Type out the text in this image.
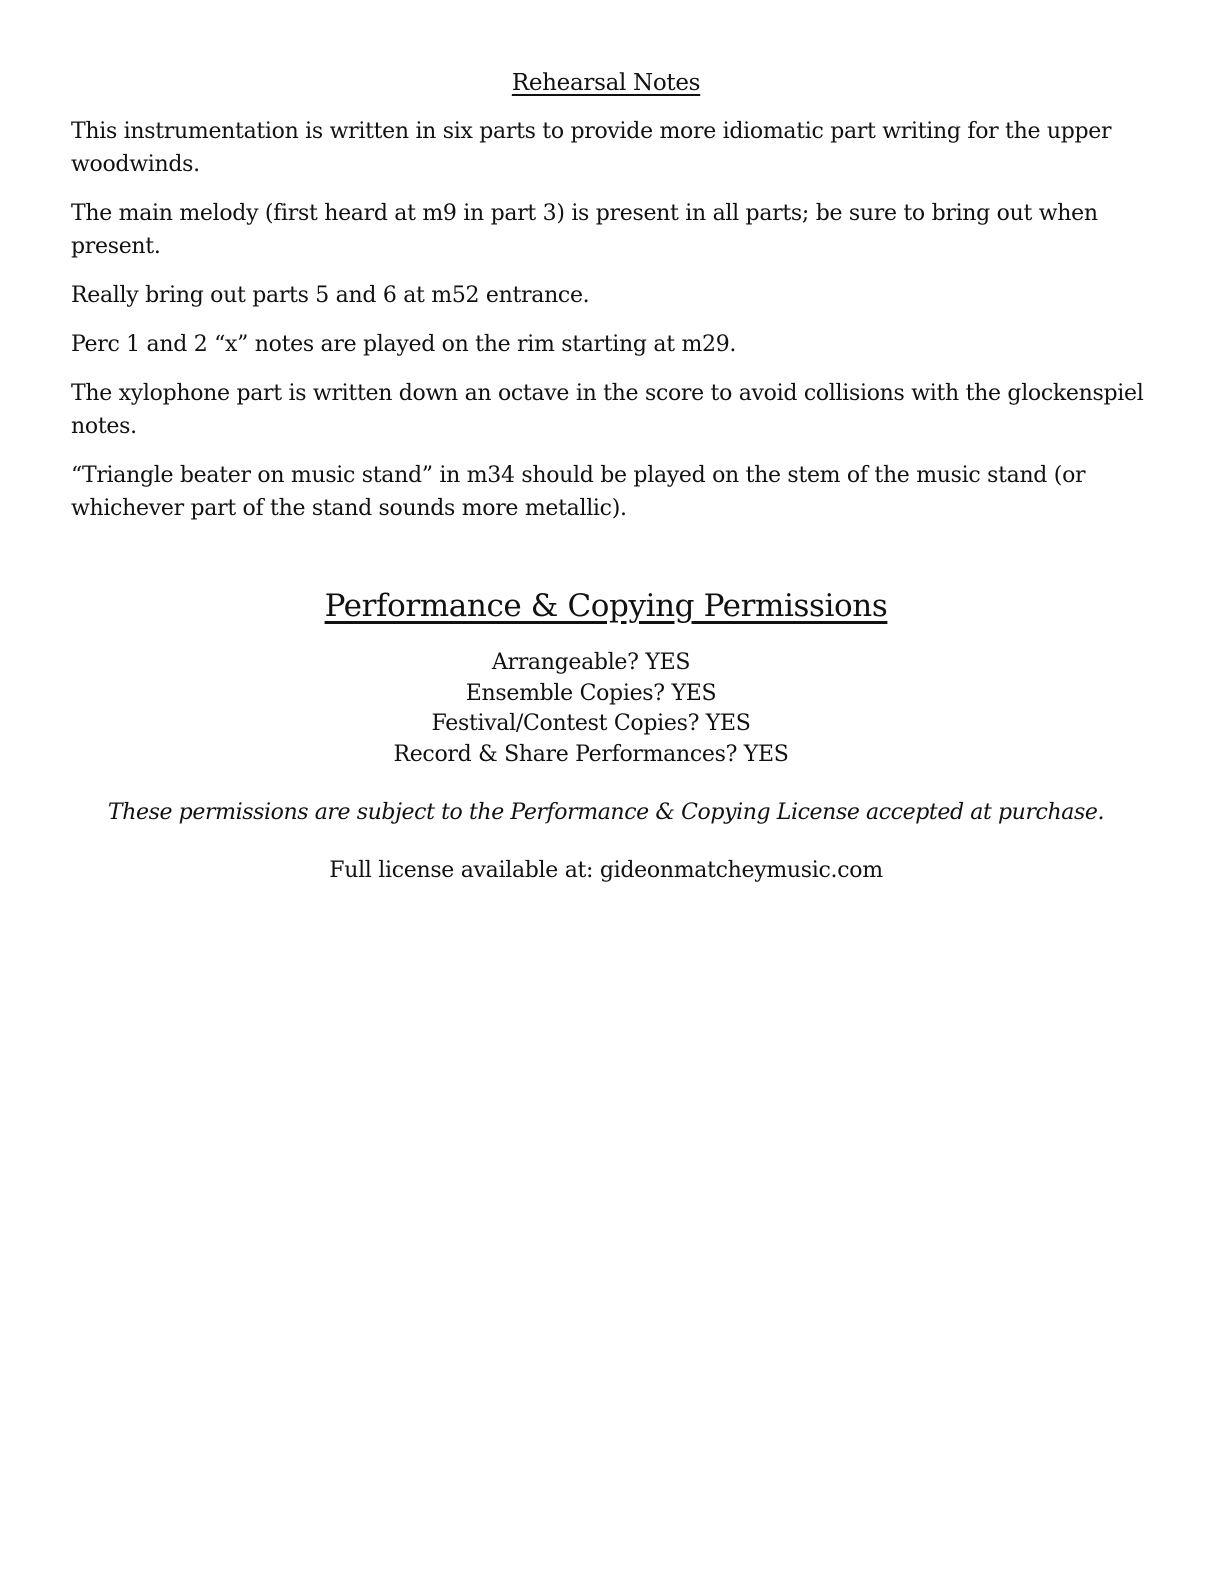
Rehearsal Notes

This instrumentation is written in six parts to provide more idiomatic part writing for the upper woodwinds.

The main melody (first heard at m9 in part 3) is present in all parts; be sure to bring out when present.

Really bring out parts 5 and 6 at m52 entrance.

Perc 1 and 2 “x” notes are played on the rim starting at m29.

The xylophone part is written down an octave in the score to avoid collisions with the glockenspiel notes.

“Triangle beater on music stand” in m34 should be played on the stem of the music stand (or whichever part of the stand sounds more metallic).

Performance & Copying Permissions
Arrangeable? YES
Ensemble Copies? YES
Festival/Contest Copies? YES
Record & Share Performances? YES
These permissions are subject to the Performance & Copying License accepted at purchase.
Full license available at: gideonmatcheymusic.com
